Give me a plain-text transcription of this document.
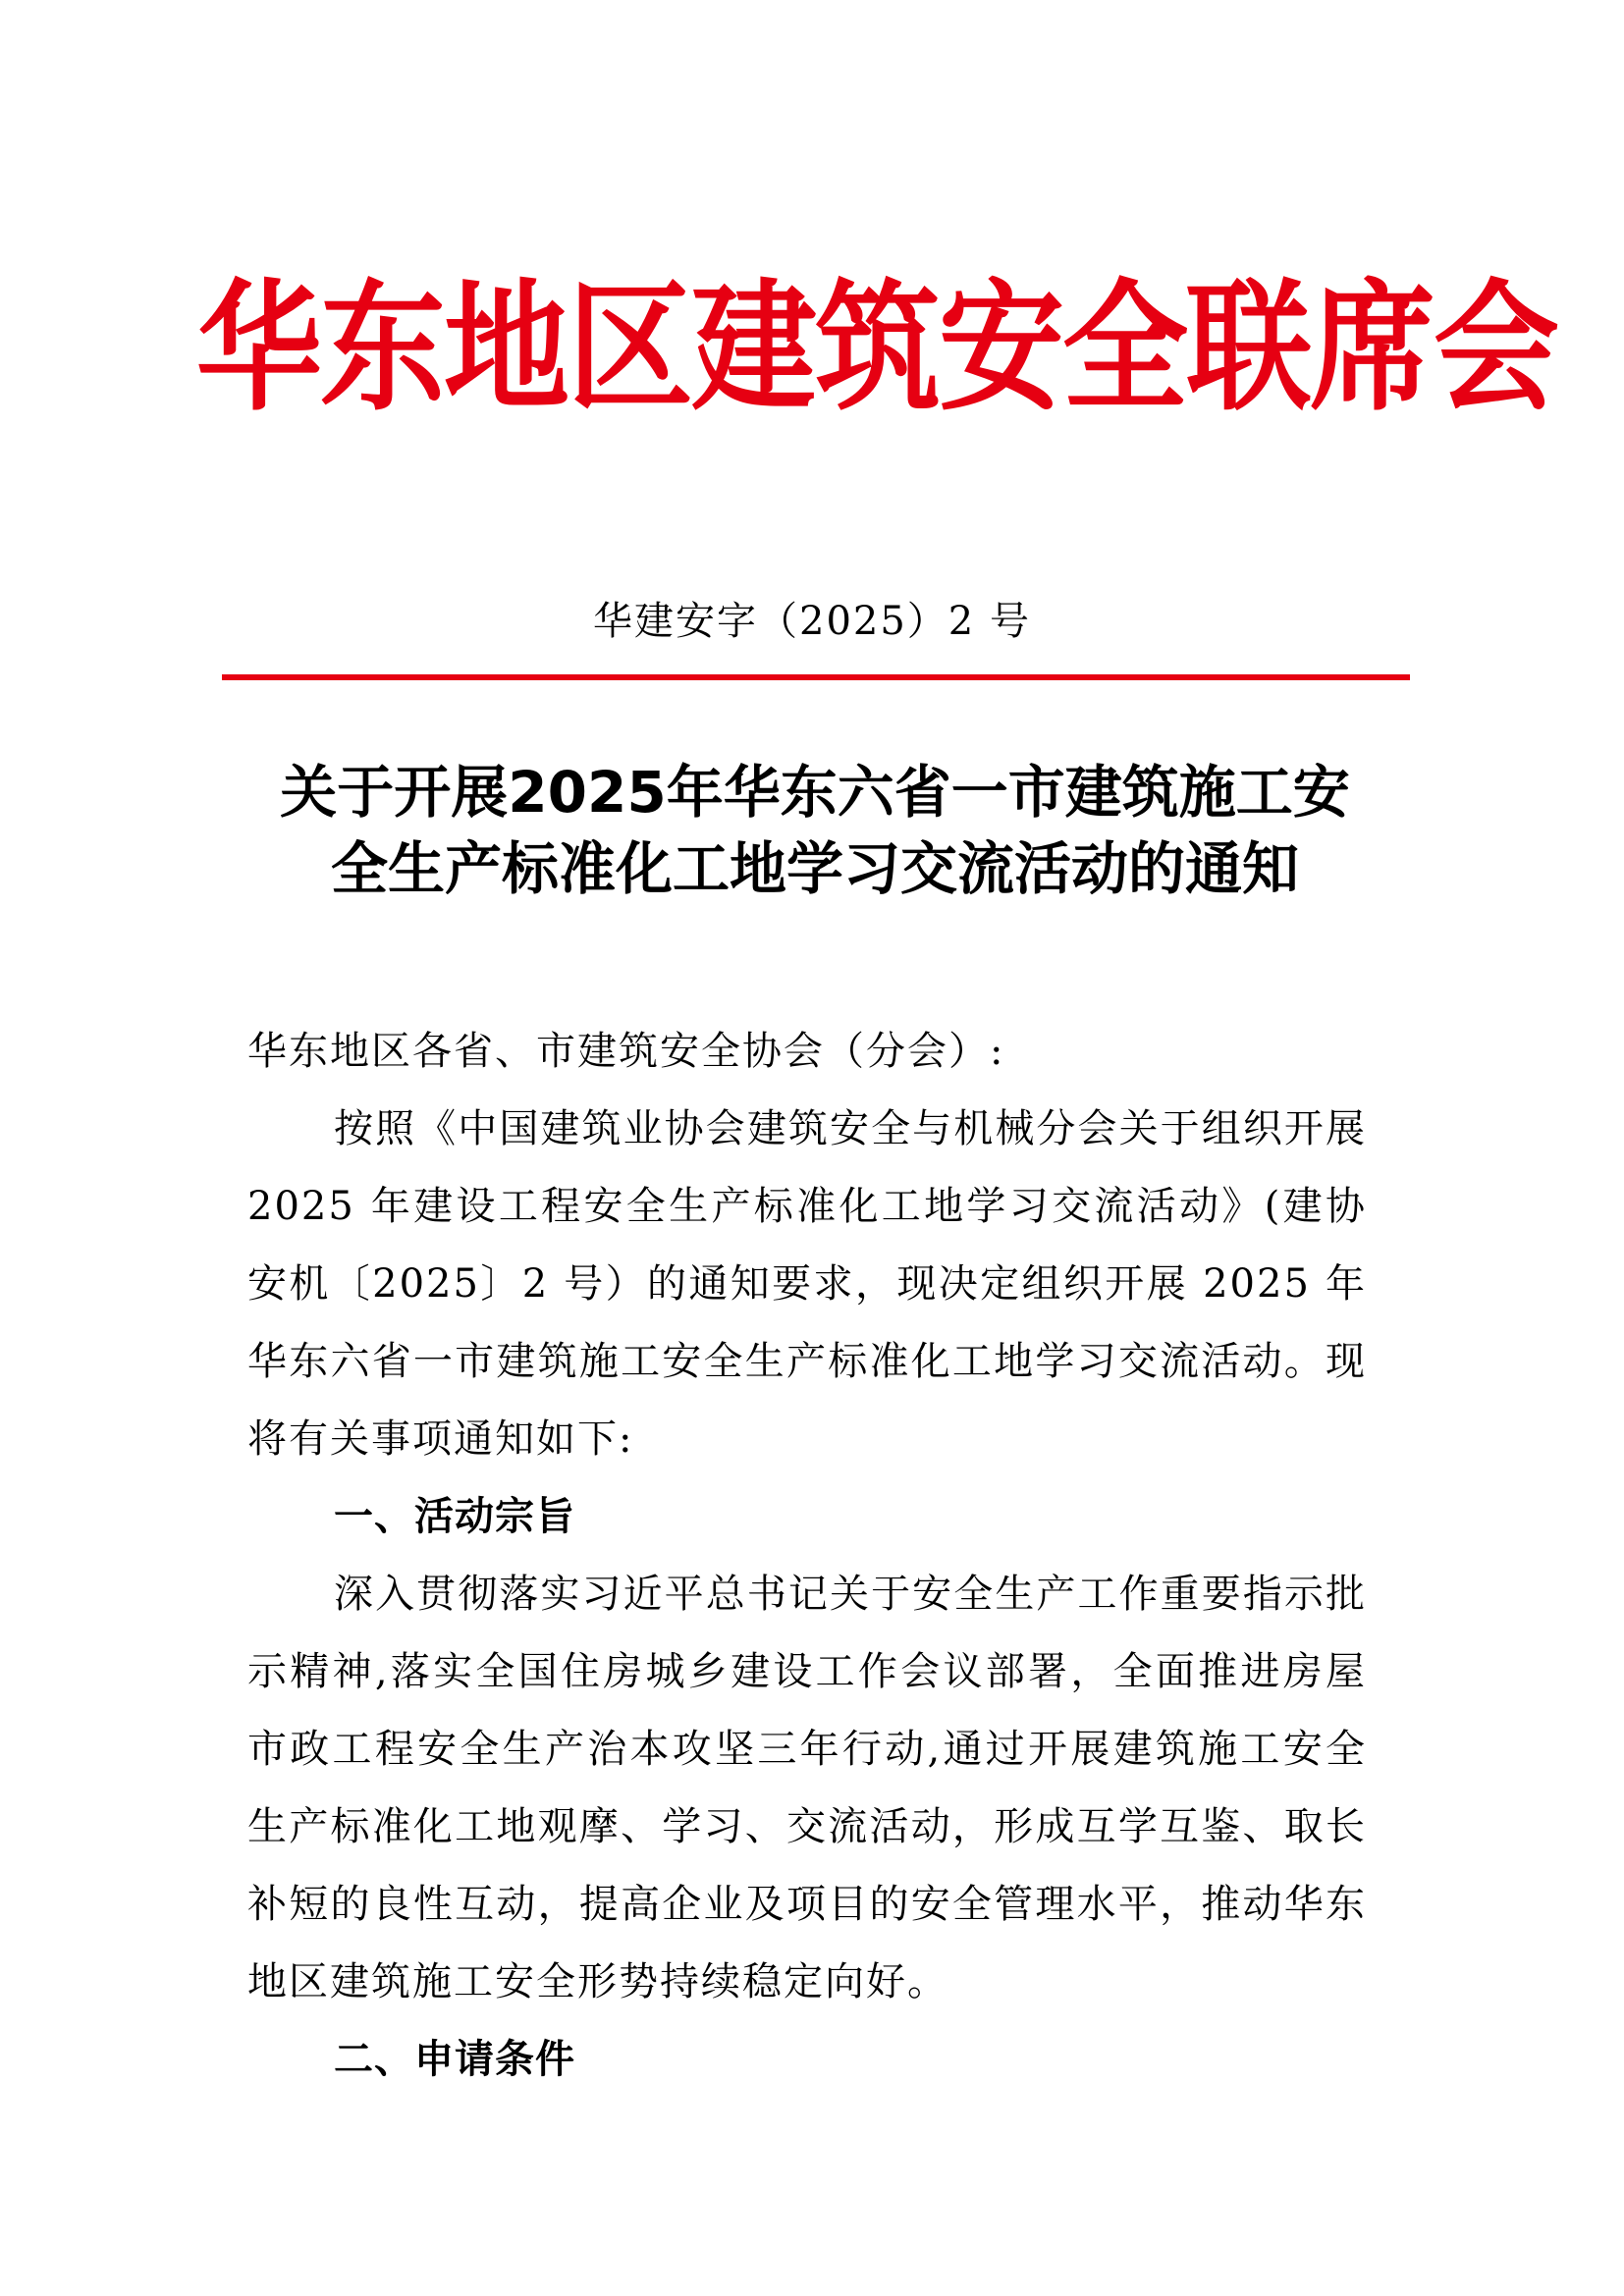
华东地区建筑安全联席会
华建安字（2025）2 号
关于开展2025年华东六省一市建筑施工安
全生产标准化工地学习交流活动的通知

华东地区各省、市建筑安全协会（分会）:

按照《中国建筑业协会建筑安全与机械分会关于组织开展 2025 年建设工程安全生产标准化工地学习交流活动》(建协安机〔2025〕2 号）的通知要求，现决定组织开展 2025 年华东六省一市建筑施工安全生产标准化工地学习交流活动。现将有关事项通知如下:

一、活动宗旨

深入贯彻落实习近平总书记关于安全生产工作重要指示批示精神,落实全国住房城乡建设工作会议部署，全面推进房屋市政工程安全生产治本攻坚三年行动,通过开展建筑施工安全生产标准化工地观摩、学习、交流活动，形成互学互鉴、取长补短的良性互动，提高企业及项目的安全管理水平，推动华东地区建筑施工安全形势持续稳定向好。

二、申请条件
